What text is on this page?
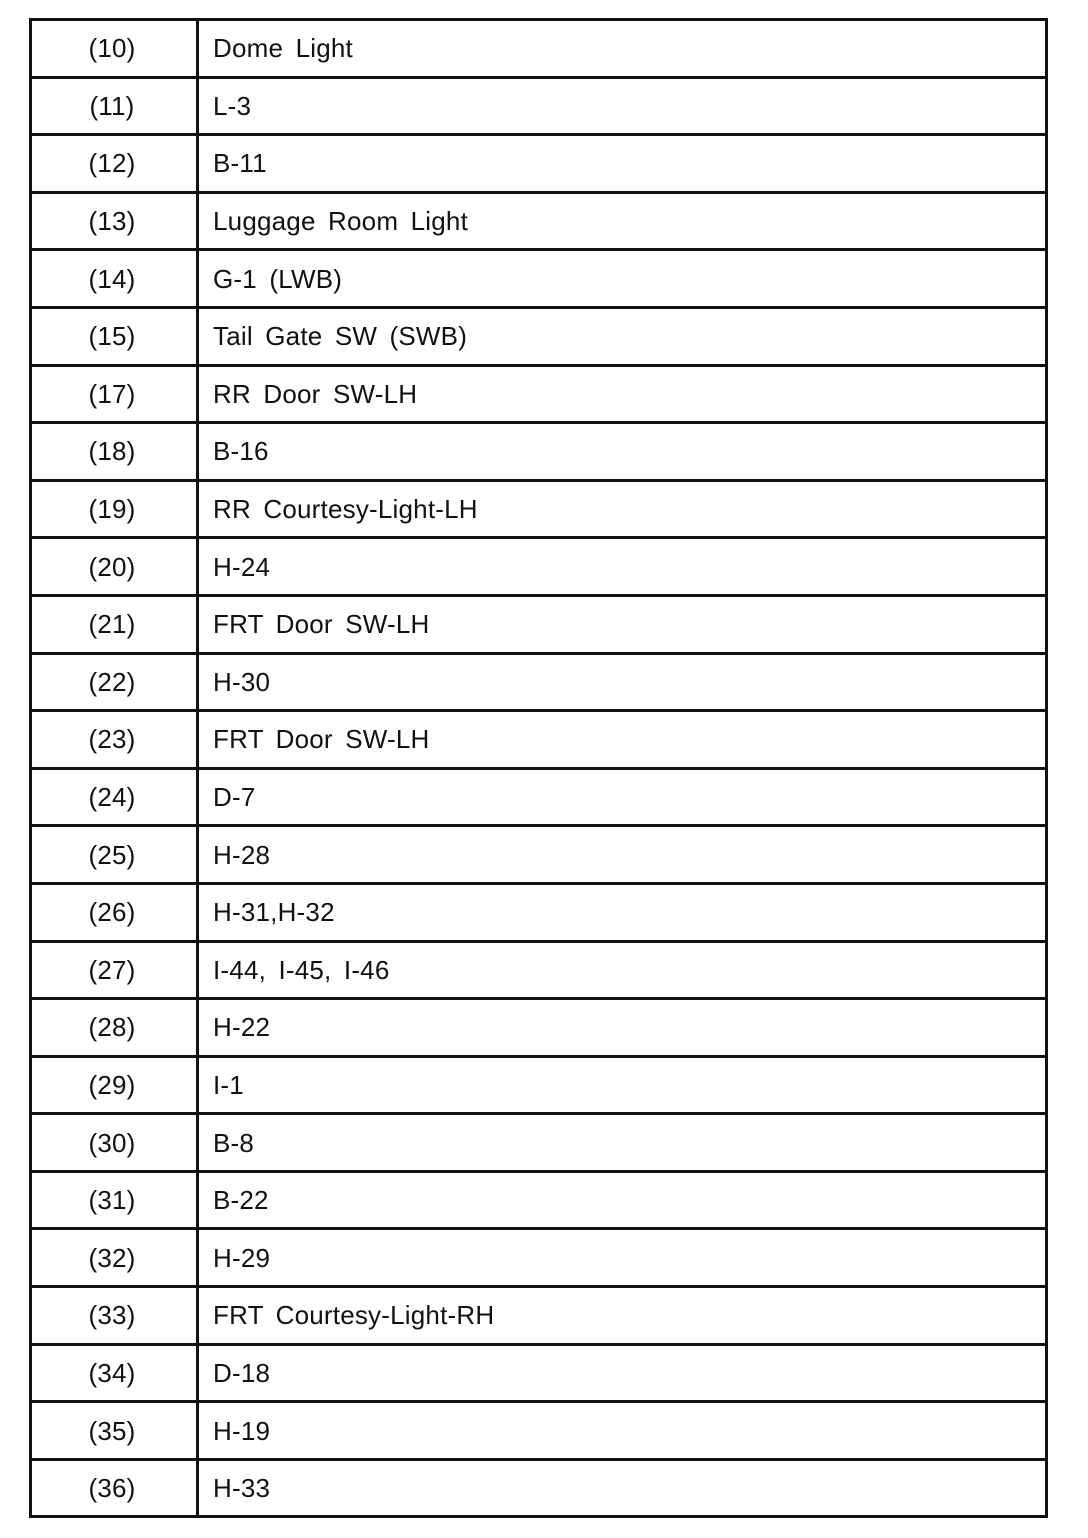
(10)	Dome Light
(11)	L-3
(12)	B-11
(13)	Luggage Room Light
(14)	G-1 (LWB)
(15)	Tail Gate SW (SWB)
(17)	RR Door SW-LH
(18)	B-16
(19)	RR Courtesy-Light-LH
(20)	H-24
(21)	FRT Door SW-LH
(22)	H-30
(23)	FRT Door SW-LH
(24)	D-7
(25)	H-28
(26)	H-31,H-32
(27)	I-44, I-45, I-46
(28)	H-22
(29)	I-1
(30)	B-8
(31)	B-22
(32)	H-29
(33)	FRT Courtesy-Light-RH
(34)	D-18
(35)	H-19
(36)	H-33
